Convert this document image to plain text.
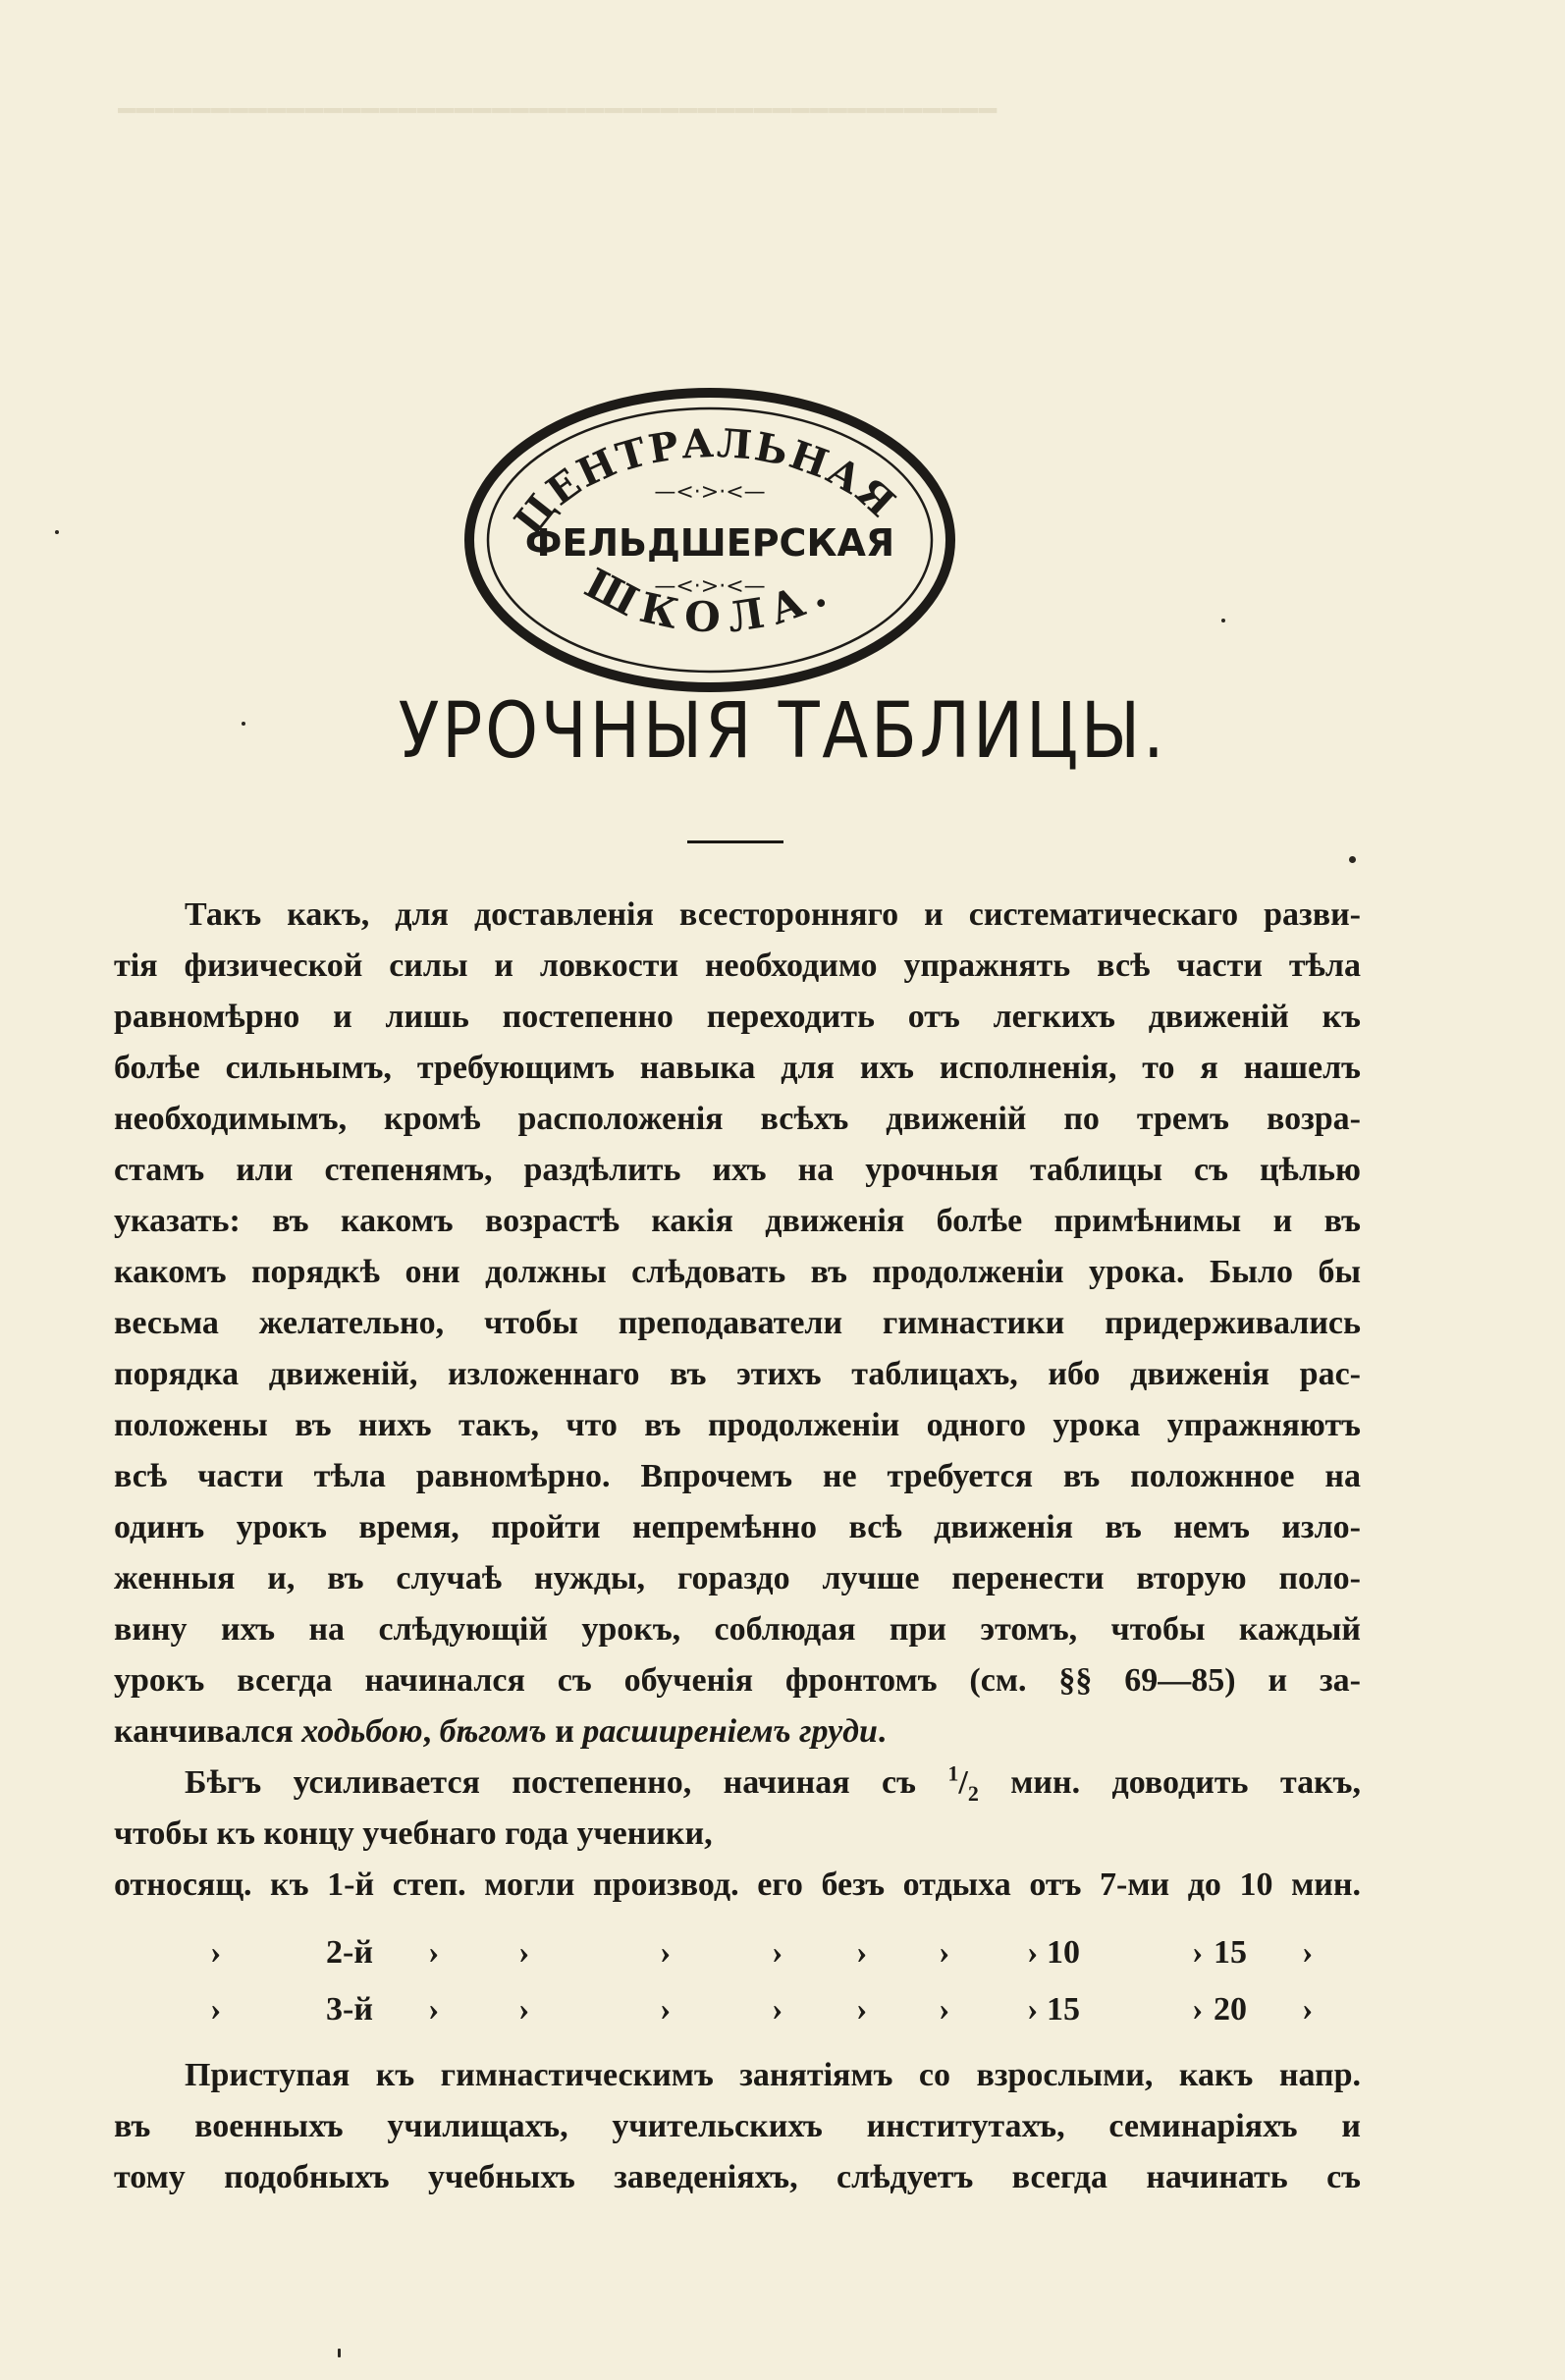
━━━━━━━━━━━━━━━━━━━━━━━━━━━━━━━━━━━━━━━━━━━━━━━
ЦЕНТРАЛЬНАЯ
—<·>·<—
ФЕЛЬДШЕРСКАЯ
—<·>·<—
ШКОЛА.
УРОЧНЫЯ ТАБЛИЦЫ.
Такъ какъ, для доставленія всесторонняго и систематическаго разви-
тія физической силы и ловкости необходимо упражнять всѣ части тѣла
равномѣрно и лишь постепенно переходить отъ легкихъ движеній къ
болѣе сильнымъ, требующимъ навыка для ихъ исполненія, то я нашелъ
необходимымъ, кромѣ расположенія всѣхъ движеній по тремъ возра-
стамъ или степенямъ, раздѣлить ихъ на урочныя таблицы съ цѣлью
указать: въ какомъ возрастѣ какія движенія болѣе примѣнимы и въ
какомъ порядкѣ они должны слѣдовать въ продолженіи урока. Было бы
весьма желательно, чтобы преподаватели гимнастики придерживались
порядка движеній, изложеннаго въ этихъ таблицахъ, ибо движенія рас-
положены въ нихъ такъ, что въ продолженіи одного урока упражняютъ
всѣ части тѣла равномѣрно. Впрочемъ не требуется въ положнное на
одинъ урокъ время, пройти непремѣнно всѣ движенія въ немъ изло-
женныя и, въ случаѣ нужды, гораздо лучше перенести вторую поло-
вину ихъ на слѣдующій урокъ, соблюдая при этомъ, чтобы каждый
урокъ всегда начинался съ обученія фронтомъ (см. §§ 69—85) и за-
канчивался ходьбою, бѣгомъ и расширеніемъ груди.
Бѣгъ усиливается постепенно, начиная съ $^1/_2$ мин. доводить такъ,
чтобы къ концу учебнаго года ученики,
относящ. къ 1-й степ. могли производ. его безъ отдыха отъ 7-ми до 10 мин.
›	2-й › ›	›	› › › › 10	› 15 ›
›	3-й › ›	›	› › › › 15	› 20 ›
Приступая къ гимнастическимъ занятіямъ со взрослыми, какъ напр.
въ военныхъ училищахъ, учительскихъ институтахъ, семинаріяхъ и
тому подобныхъ учебныхъ заведеніяхъ, слѣдуетъ всегда начинать съ
